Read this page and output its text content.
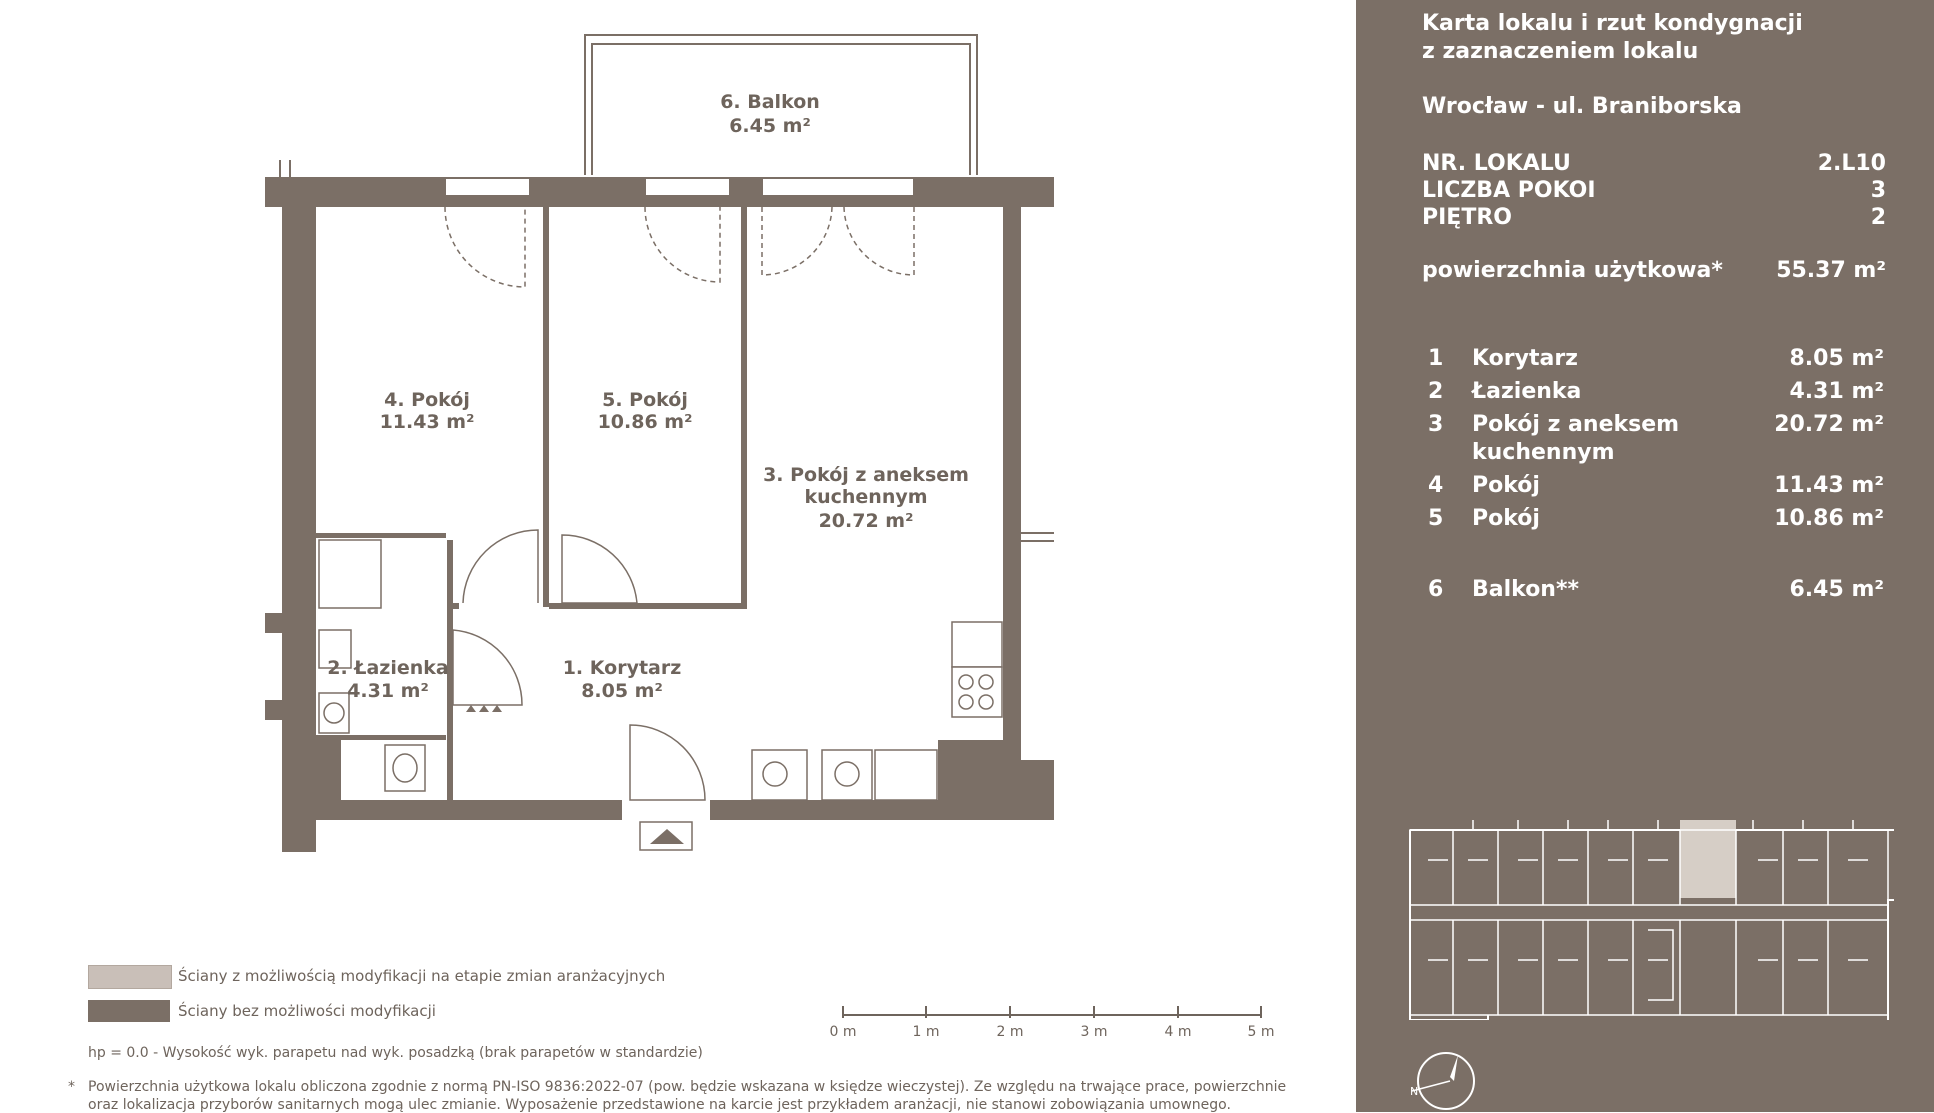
6. Balkon
6.45 m²
4. Pokój
11.43 m²
5. Pokój
10.86 m²
3. Pokój z aneksem
kuchennym
20.72 m²
2. Łazienka
4.31 m²
1. Korytarz
8.05 m²
Ściany z możliwością modyfikacji na etapie zmian aranżacyjnych
Ściany bez możliwości modyfikacji
0 m	1 m	2 m	3 m	4 m	5 m
hp = 0.0 - Wysokość wyk. parapetu nad wyk. posadzką (brak parapetów w standardzie)
* Powierzchnia użytkowa lokalu obliczona zgodnie z normą PN-ISO 9836:2022-07 (pow. będzie wskazana w księdze wieczystej). Ze względu na trwające prace, powierzchnie
oraz lokalizacja przyborów sanitarnych mogą ulec zmianie. Wyposażenie przedstawione na karcie jest przykładem aranżacji, nie stanowi zobowiązania umownego.
Karta lokalu i rzut kondygnacji
z zaznaczeniem lokalu
Wrocław - ul. Braniborska
NR. LOKALU	2.L10
LICZBA POKOI	3
PIĘTRO	2
powierzchnia użytkowa* 55.37 m²
1 Korytarz	8.05 m²
2 Łazienka	4.31 m²
3 Pokój z aneksem kuchennym
20.72 m²
4 Pokój	11.43 m²
5 Pokój	10.86 m²
6 Balkon**	6.45 m²
N
